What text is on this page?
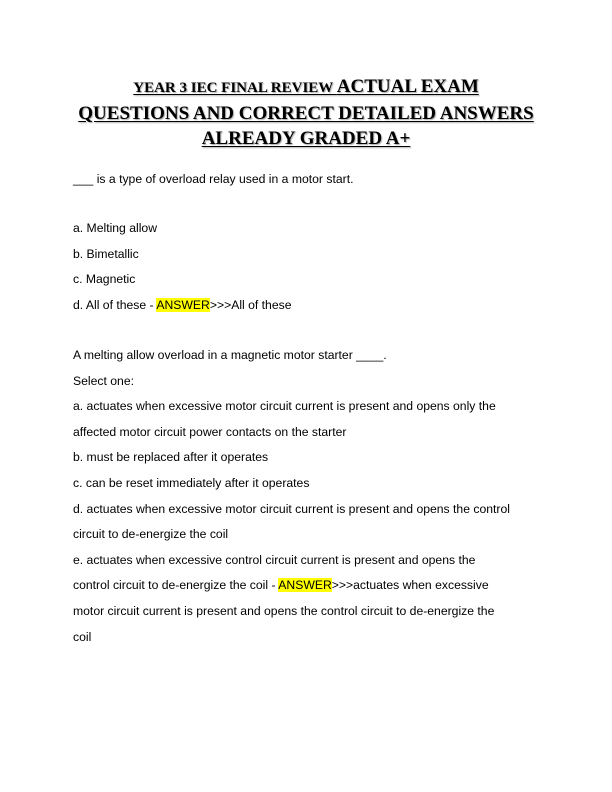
YEAR 3 IEC FINAL REVIEW ACTUAL EXAM
QUESTIONS AND CORRECT DETAILED ANSWERS
ALREADY GRADED A+
___ is a type of overload relay used in a motor start.
a. Melting allow
b. Bimetallic
c. Magnetic
d. All of these - ANSWER>>>All of these
A melting allow overload in a magnetic motor starter ____.
Select one:
a. actuates when excessive motor circuit current is present and opens only the
affected motor circuit power contacts on the starter
b. must be replaced after it operates
c. can be reset immediately after it operates
d. actuates when excessive motor circuit current is present and opens the control
circuit to de-energize the coil
e. actuates when excessive control circuit current is present and opens the
control circuit to de-energize the coil - ANSWER>>>actuates when excessive
motor circuit current is present and opens the control circuit to de-energize the
coil
